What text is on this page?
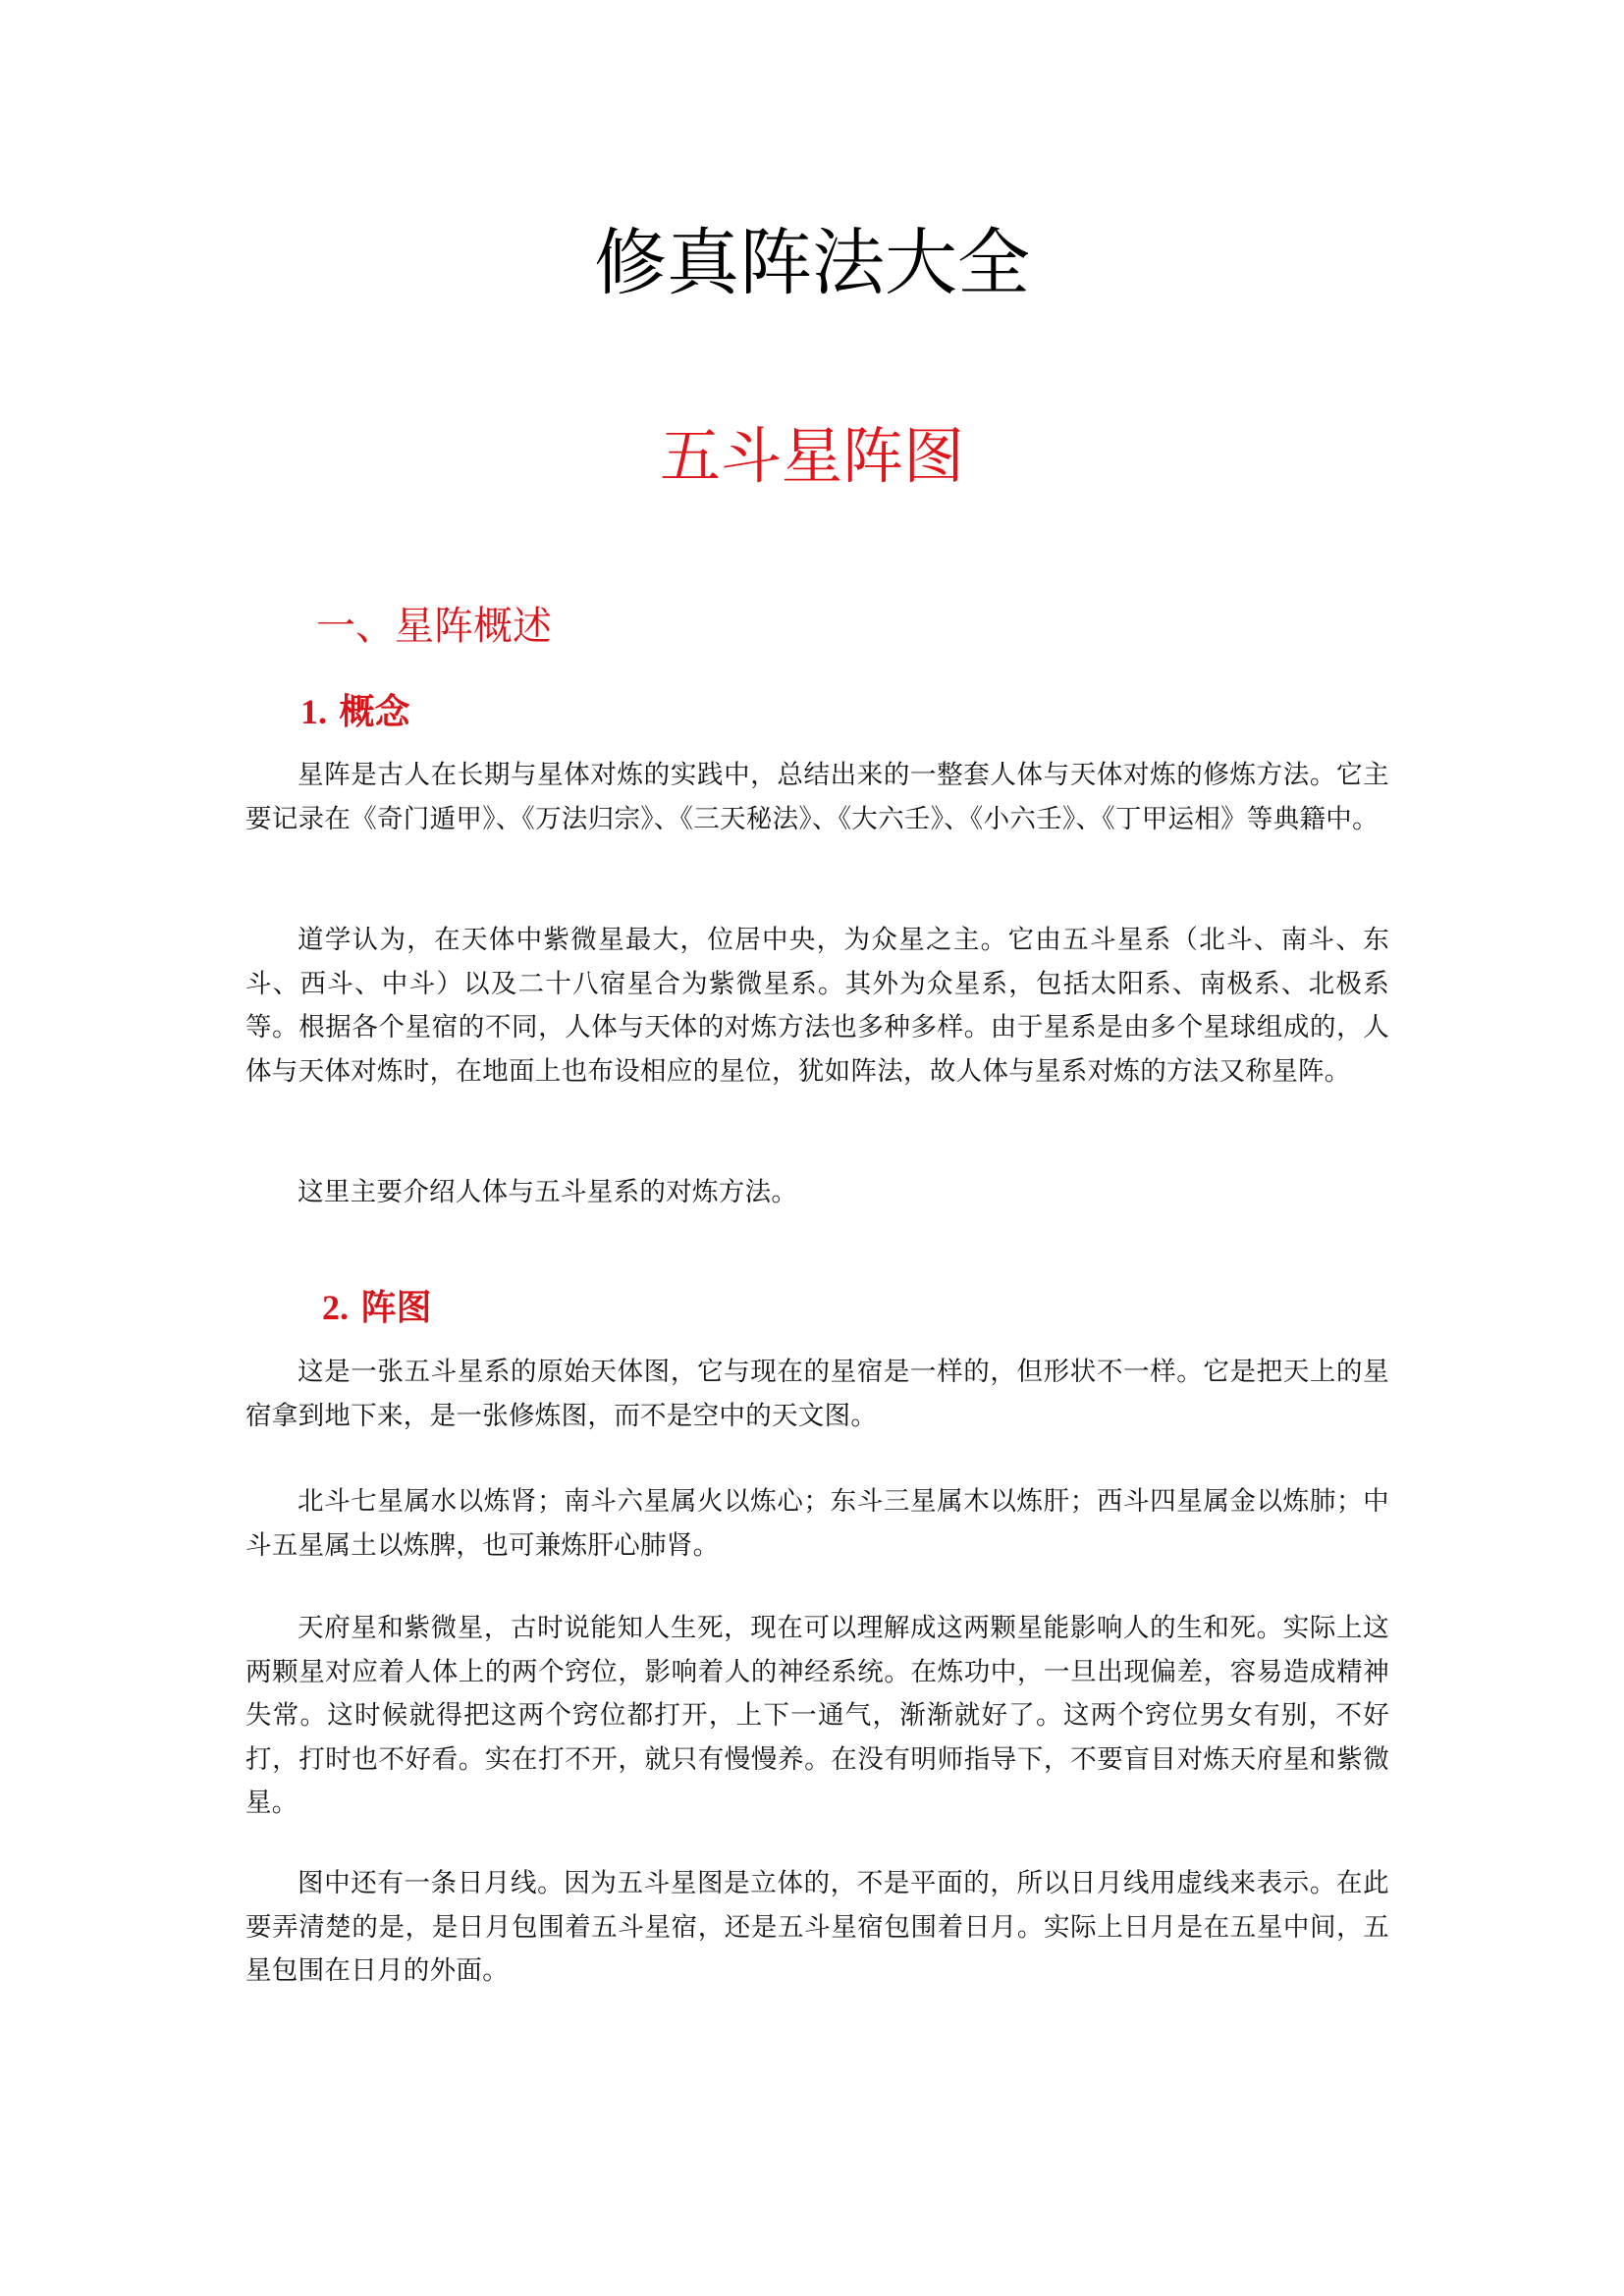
修真阵法大全
五斗星阵图
一、星阵概述
1. 概念

星阵是古人在长期与星体对炼的实践中，总结出来的一整套人体与天体对炼的修炼方法。它主要记录在《奇门遁甲》、《万法归宗》、《三天秘法》、《大六壬》、《小六壬》、《丁甲运相》等典籍中。

道学认为，在天体中紫微星最大，位居中央，为众星之主。它由五斗星系（北斗、南斗、东斗、西斗、中斗）以及二十八宿星合为紫微星系。其外为众星系，包括太阳系、南极系、北极系等。根据各个星宿的不同，人体与天体的对炼方法也多种多样。由于星系是由多个星球组成的，人体与天体对炼时，在地面上也布设相应的星位，犹如阵法，故人体与星系对炼的方法又称星阵。

这里主要介绍人体与五斗星系的对炼方法。

2. 阵图

这是一张五斗星系的原始天体图，它与现在的星宿是一样的，但形状不一样。它是把天上的星宿拿到地下来，是一张修炼图，而不是空中的天文图。

北斗七星属水以炼肾；南斗六星属火以炼心；东斗三星属木以炼肝；西斗四星属金以炼肺；中斗五星属土以炼脾，也可兼炼肝心肺肾。

天府星和紫微星，古时说能知人生死，现在可以理解成这两颗星能影响人的生和死。实际上这两颗星对应着人体上的两个窍位，影响着人的神经系统。在炼功中，一旦出现偏差，容易造成精神失常。这时候就得把这两个窍位都打开，上下一通气，渐渐就好了。这两个窍位男女有别，不好打，打时也不好看。实在打不开，就只有慢慢养。在没有明师指导下，不要盲目对炼天府星和紫微星。

图中还有一条日月线。因为五斗星图是立体的，不是平面的，所以日月线用虚线来表示。在此要弄清楚的是，是日月包围着五斗星宿，还是五斗星宿包围着日月。实际上日月是在五星中间，五星包围在日月的外面。
